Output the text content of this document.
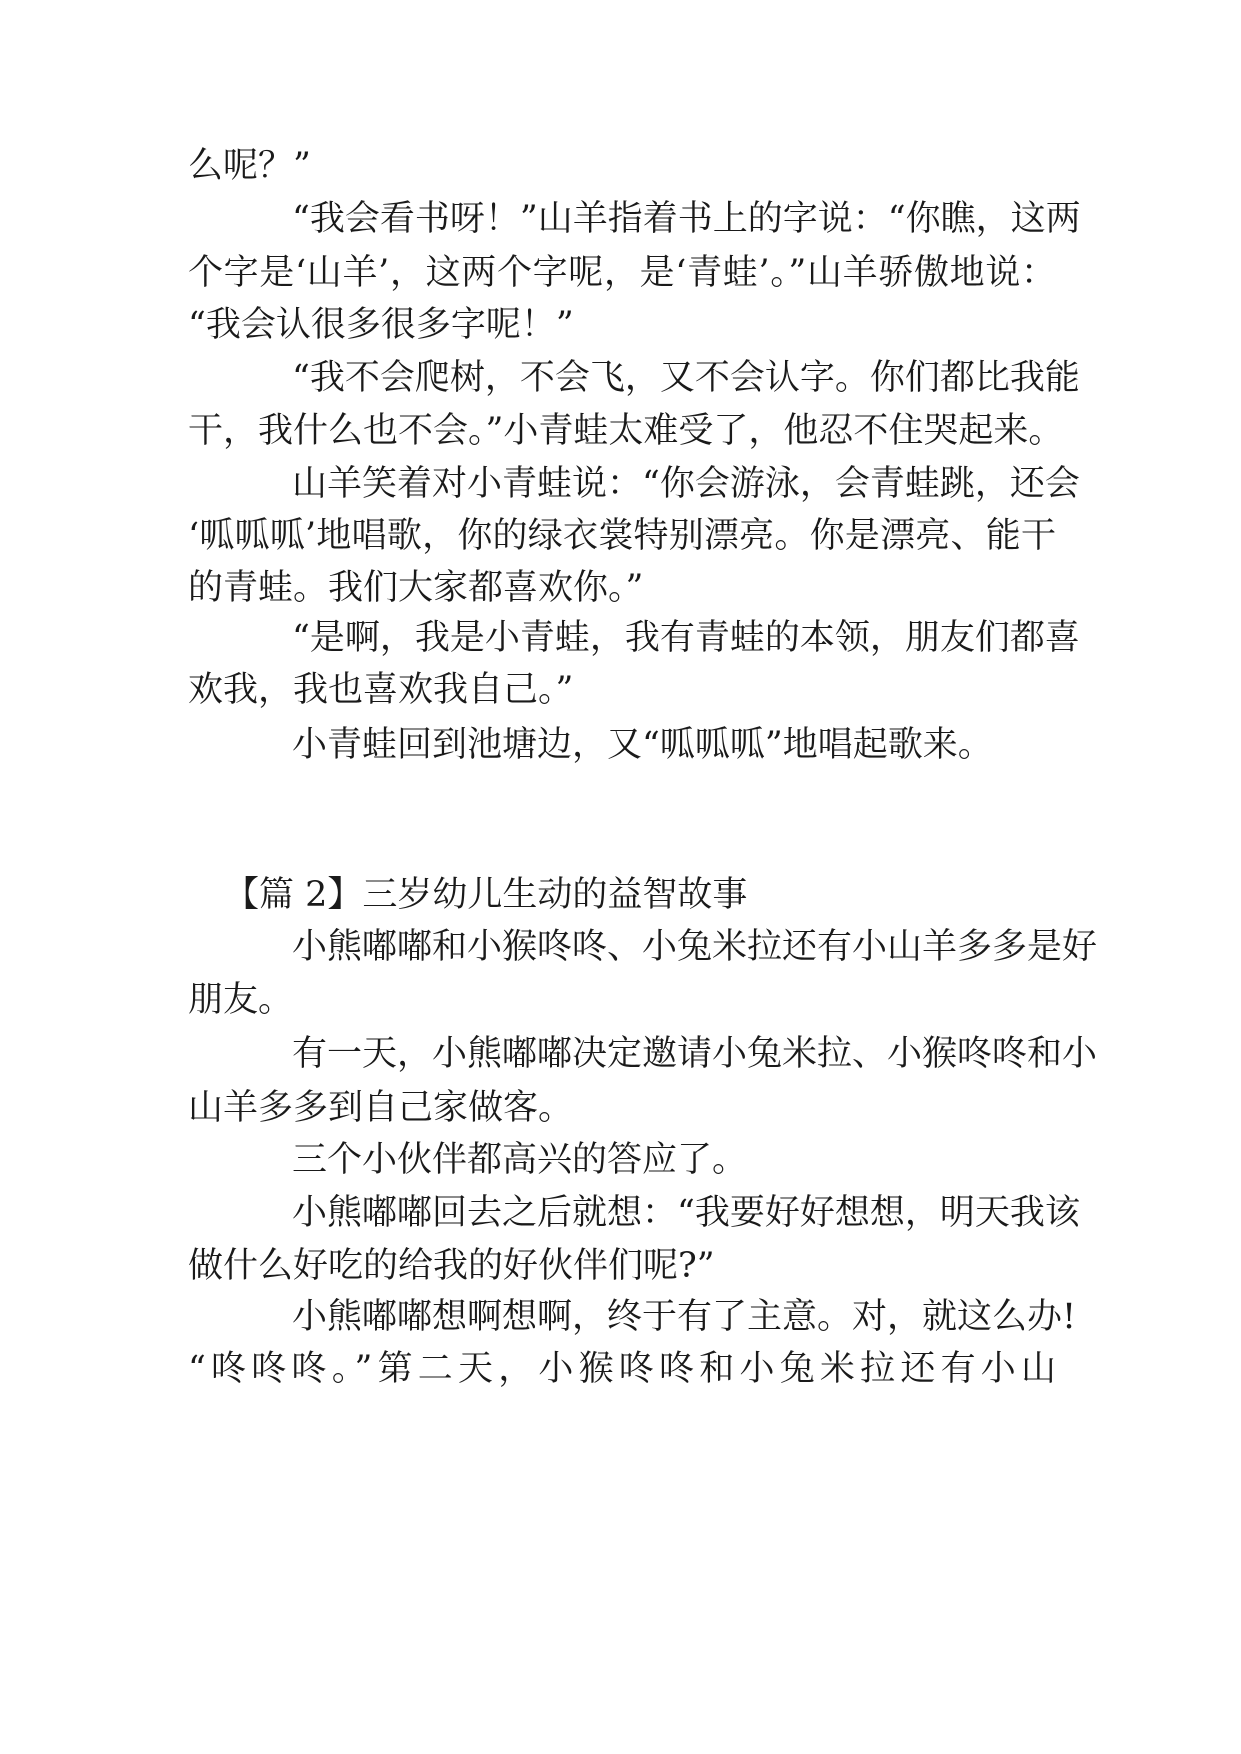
么呢？”
“我会看书呀！”山羊指着书上的字说：“你瞧，这两
个字是‘山羊’，这两个字呢，是‘青蛙’。”山羊骄傲地说：
“我会认很多很多字呢！”
“我不会爬树，不会飞，又不会认字。你们都比我能
干，我什么也不会。”小青蛙太难受了，他忍不住哭起来。
山羊笑着对小青蛙说：“你会游泳，会青蛙跳，还会
‘呱呱呱’地唱歌，你的绿衣裳特别漂亮。你是漂亮、能干
的青蛙。我们大家都喜欢你。”
“是啊，我是小青蛙，我有青蛙的本领，朋友们都喜
欢我，我也喜欢我自己。”
小青蛙回到池塘边，又“呱呱呱”地唱起歌来。
【篇 2】三岁幼儿生动的益智故事
小熊嘟嘟和小猴咚咚、小兔米拉还有小山羊多多是好
朋友。
有一天，小熊嘟嘟决定邀请小兔米拉、小猴咚咚和小
山羊多多到自己家做客。
三个小伙伴都高兴的答应了。
小熊嘟嘟回去之后就想：“我要好好想想，明天我该
做什么好吃的给我的好伙伴们呢?”
小熊嘟嘟想啊想啊，终于有了主意。对，就这么办!
“咚咚咚。”第二天，小猴咚咚和小兔米拉还有小山
